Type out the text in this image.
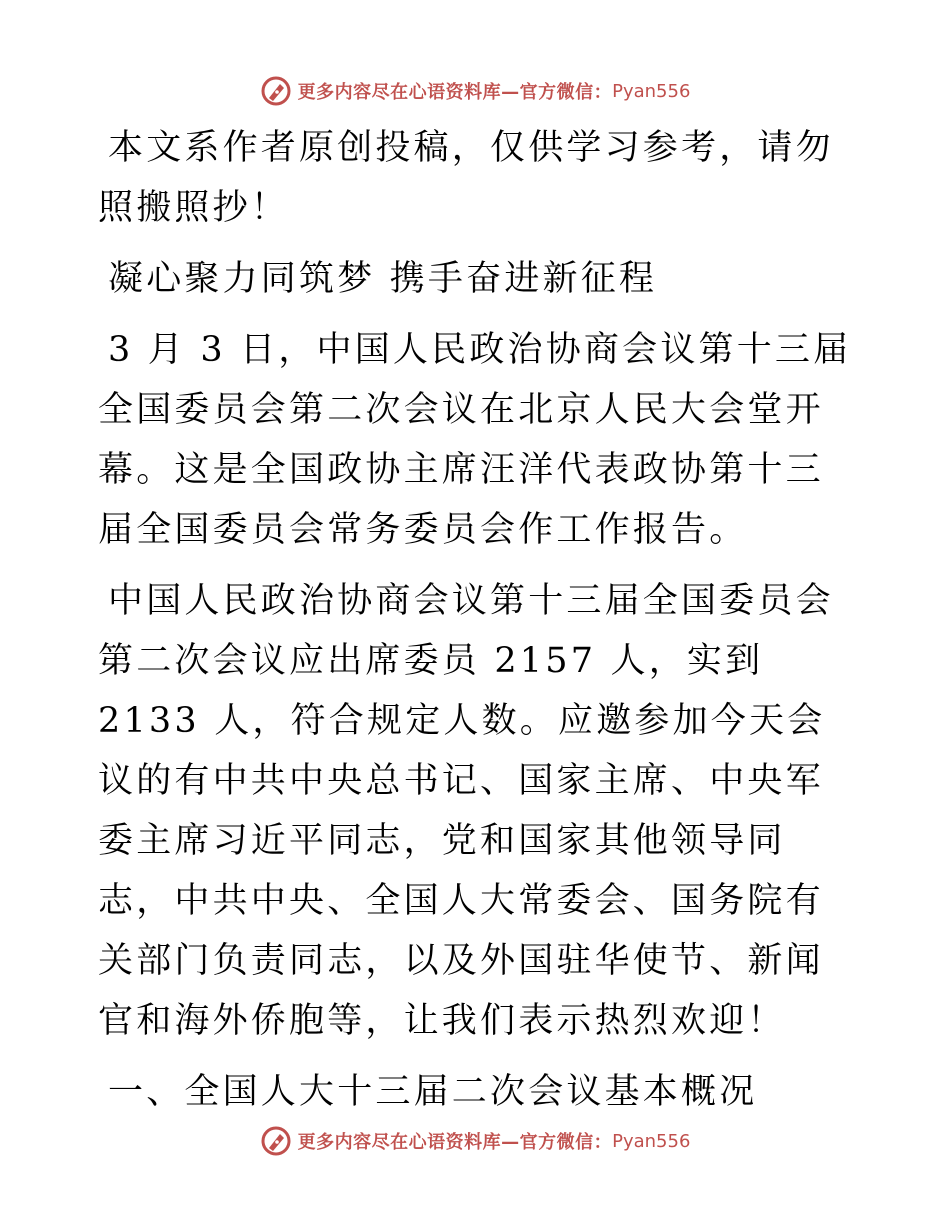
更多内容尽在心语资料库—官方微信： Pyan556

本文系作者原创投稿，仅供学习参考，请勿照搬照抄！

凝心聚力同筑梦 携手奋进新征程

3 月 3 日，中国人民政治协商会议第十三届全国委员会第二次会议在北京人民大会堂开幕。这是全国政协主席汪洋代表政协第十三届全国委员会常务委员会作工作报告。

中国人民政治协商会议第十三届全国委员会第二次会议应出席委员 2157 人，实到 2133 人，符合规定人数。应邀参加今天会议的有中共中央总书记、国家主席、中央军委主席习近平同志，党和国家其他领导同志，中共中央、全国人大常委会、国务院有关部门负责同志，以及外国驻华使节、新闻官和海外侨胞等，让我们表示热烈欢迎！

一、全国人大十三届二次会议基本概况

更多内容尽在心语资料库—官方微信： Pyan556
